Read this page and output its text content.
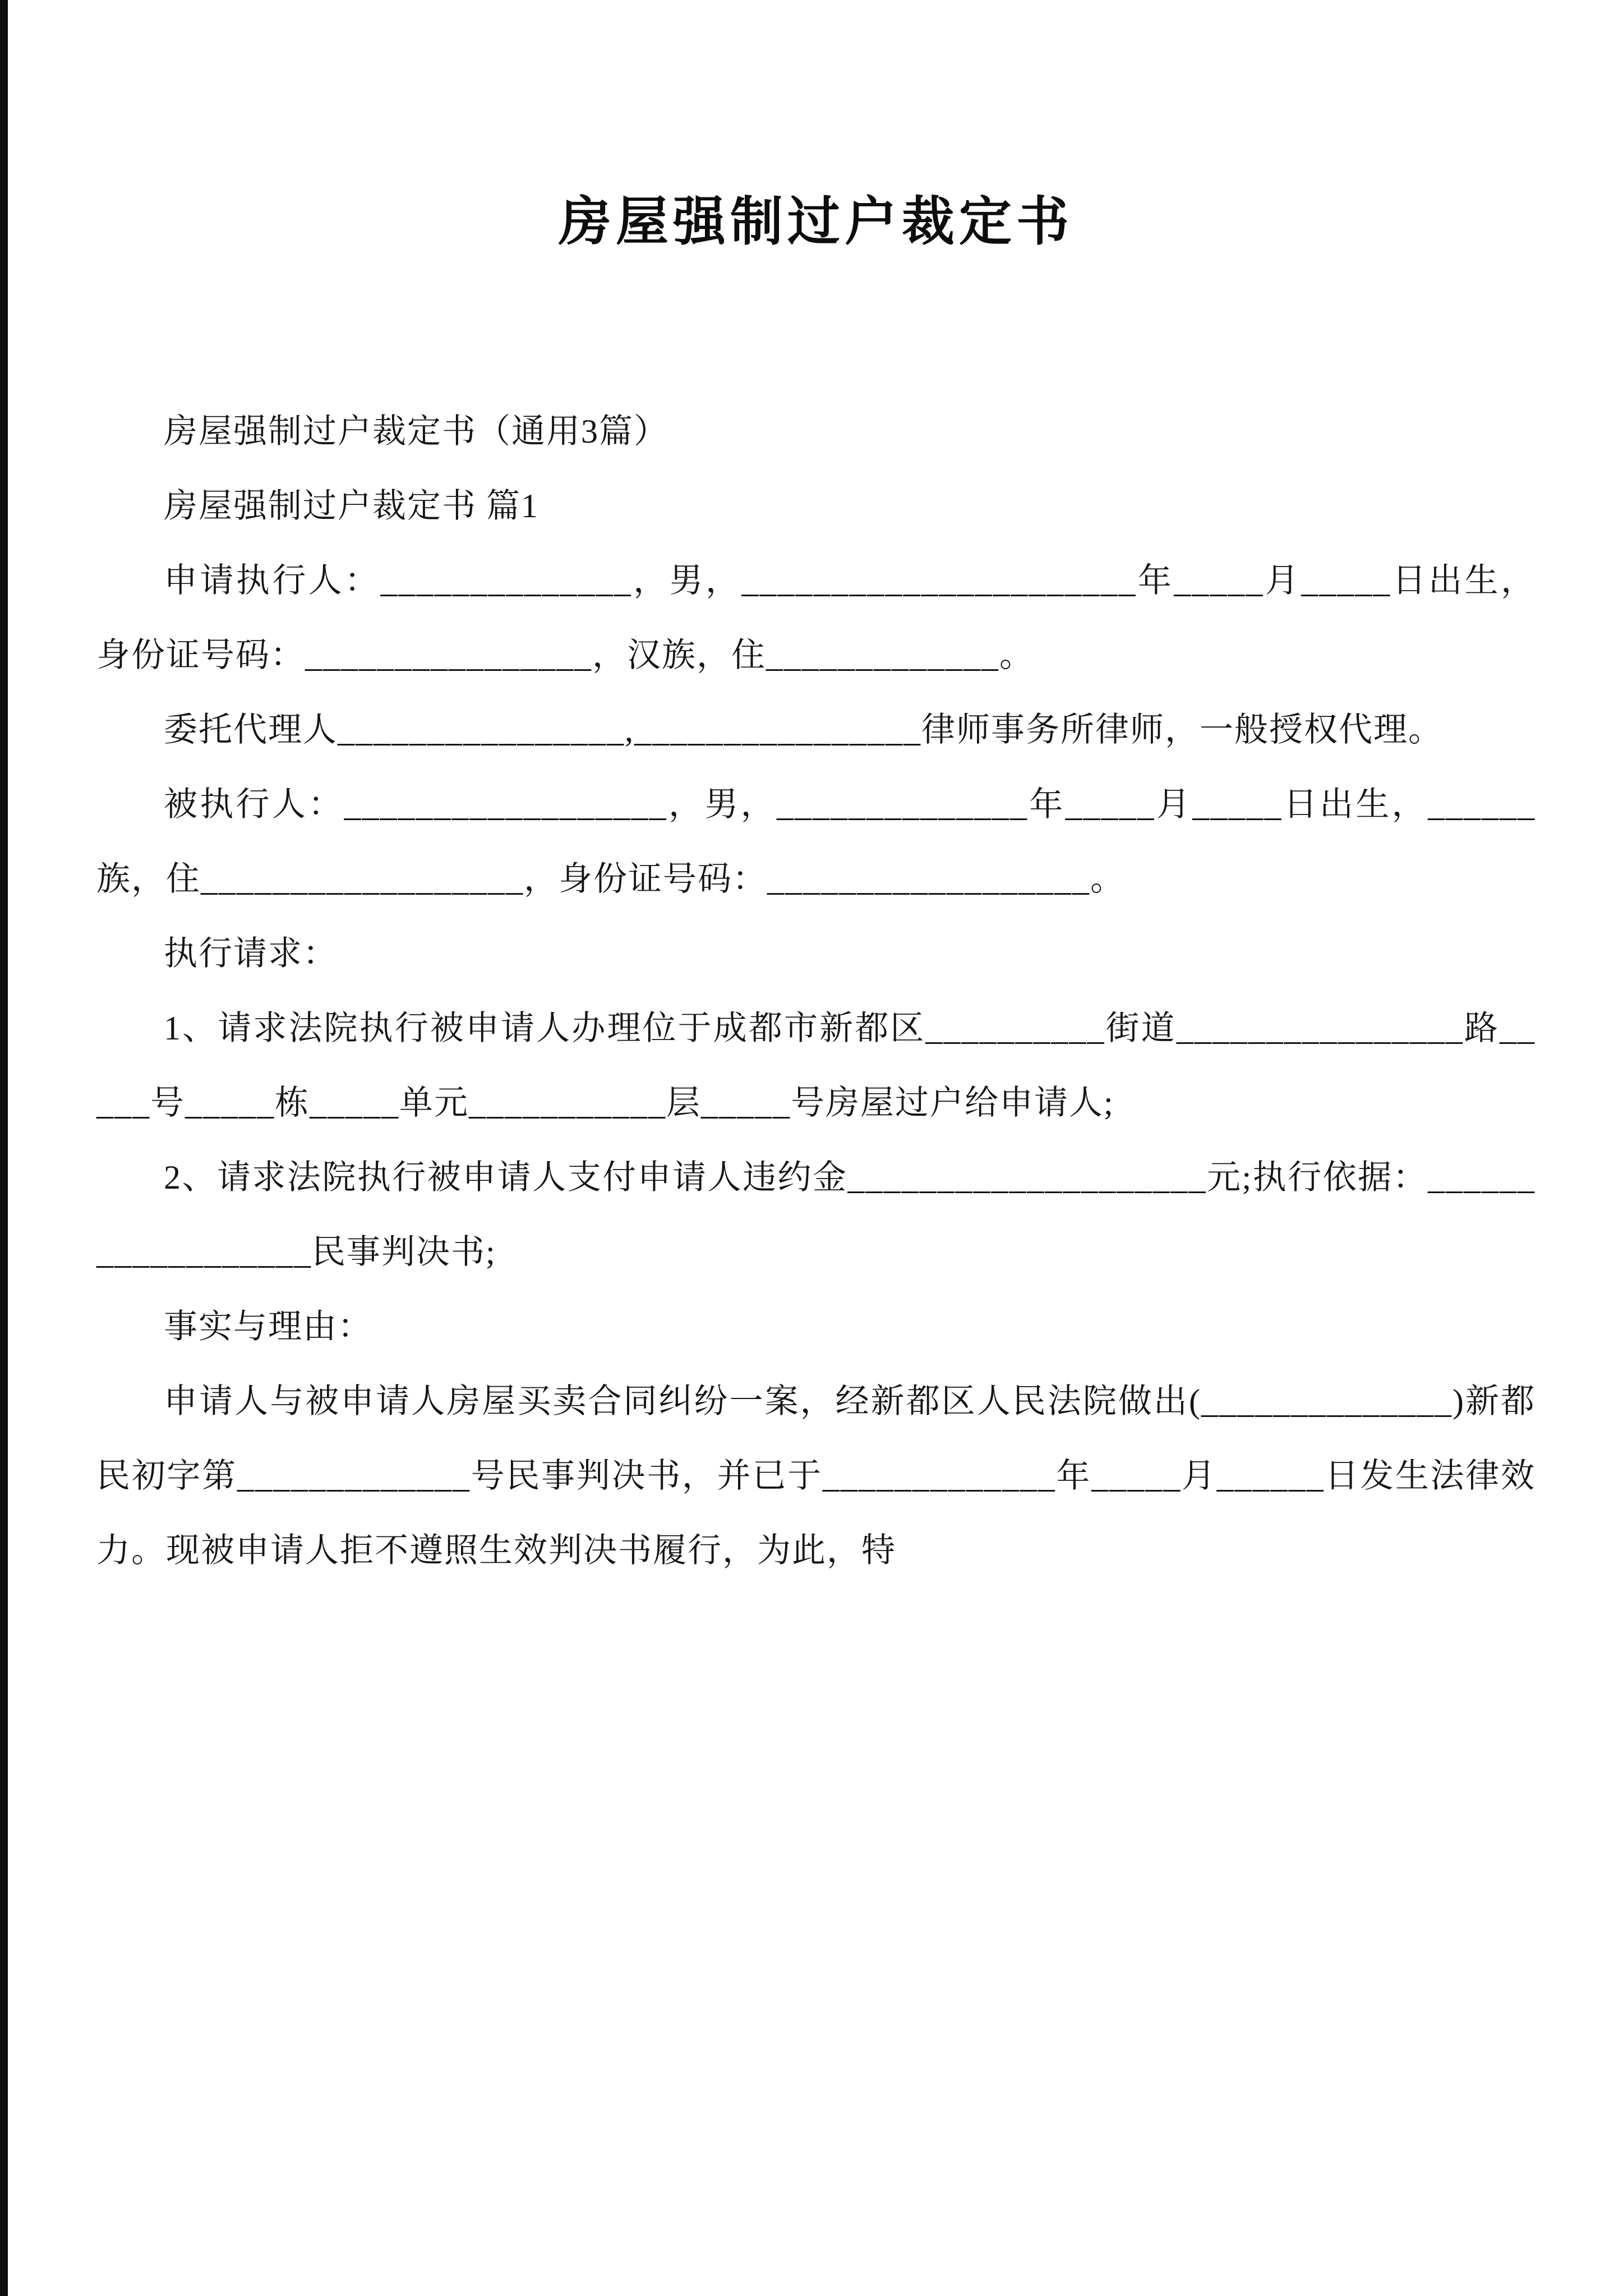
房屋强制过户裁定书

房屋强制过户裁定书（通用3篇）

房屋强制过户裁定书 篇1

申请执行人：______________，男，______________________年_____月_____日出生，身份证号码：________________，汉族，住_____________。

委托代理人________________,________________律师事务所律师，一般授权代理。

被执行人：__________________，男，______________年_____月_____日出生，______族，住__________________，身份证号码：__________________。

执行请求：

1、请求法院执行被申请人办理位于成都市新都区__________街道________________路_____号_____栋_____单元___________层_____号房屋过户给申请人;

2、请求法院执行被申请人支付申请人违约金____________________元;执行依据：__________________民事判决书;

事实与理由：

申请人与被申请人房屋买卖合同纠纷一案，经新都区人民法院做出(______________)新都民初字第_____________号民事判决书，并已于_____________年_____月______日发生法律效力。现被申请人拒不遵照生效判决书履行，为此，特
